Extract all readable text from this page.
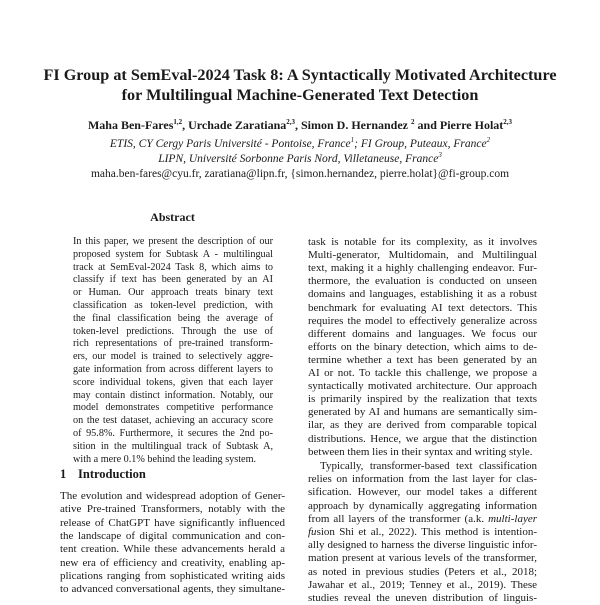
FI Group at SemEval-2024 Task 8: A Syntactically Motivated Architecture
for Multilingual Machine-Generated Text Detection
Maha Ben-Fares$^{1,2}$, Urchade Zaratiana$^{2,3}$, Simon D. Hernandez $^2$ and Pierre Holat$^{2,3}$
ETIS, CY Cergy Paris Université - Pontoise, France$^1$; FI Group, Puteaux, France$^2$
LIPN, Université Sorbonne Paris Nord, Villetaneuse, France$^3$
maha.ben-fares@cyu.fr, zaratiana@lipn.fr, {simon.hernandez, pierre.holat}@fi-group.com
Abstract
In this paper, we present the description of our
proposed system for Subtask A - multilingual
track at SemEval-2024 Task 8, which aims to
classify if text has been generated by an AI
or Human. Our approach treats binary text
classification as token-level prediction, with
the final classification being the average of
token-level predictions. Through the use of
rich representations of pre-trained transform-
ers, our model is trained to selectively aggre-
gate information from across different layers to
score individual tokens, given that each layer
may contain distinct information. Notably, our
model demonstrates competitive performance
on the test dataset, achieving an accuracy score
of 95.8%. Furthermore, it secures the 2nd po-
sition in the multilingual track of Subtask A,
with a mere 0.1% behind the leading system.
1 Introduction
The evolution and widespread adoption of Gener-
ative Pre-trained Transformers, notably with the
release of ChatGPT have significantly influenced
the landscape of digital communication and con-
tent creation. While these advancements herald a
new era of efficiency and creativity, enabling ap-
plications ranging from sophisticated writing aids
to advanced conversational agents, they simultane-
task is notable for its complexity, as it involves
Multi-generator, Multidomain, and Multilingual
text, making it a highly challenging endeavor. Fur-
thermore, the evaluation is conducted on unseen
domains and languages, establishing it as a robust
benchmark for evaluating AI text detectors. This
requires the model to effectively generalize across
different domains and languages. We focus our
efforts on the binary detection, which aims to de-
termine whether a text has been generated by an
AI or not. To tackle this challenge, we propose a
syntactically motivated architecture. Our approach
is primarily inspired by the realization that texts
generated by AI and humans are semantically sim-
ilar, as they are derived from comparable topical
distributions. Hence, we argue that the distinction
between them lies in their syntax and writing style.
Typically, transformer-based text classification
relies on information from the last layer for clas-
sification. However, our model takes a different
approach by dynamically aggregating information
from all layers of the transformer (a.k. multi-layer
fusion Shi et al., 2022). This method is intention-
ally designed to harness the diverse linguistic infor-
mation present at various levels of the transformer,
as noted in previous studies (Peters et al., 2018;
Jawahar et al., 2019; Tenney et al., 2019). These
studies reveal the uneven distribution of linguis-
